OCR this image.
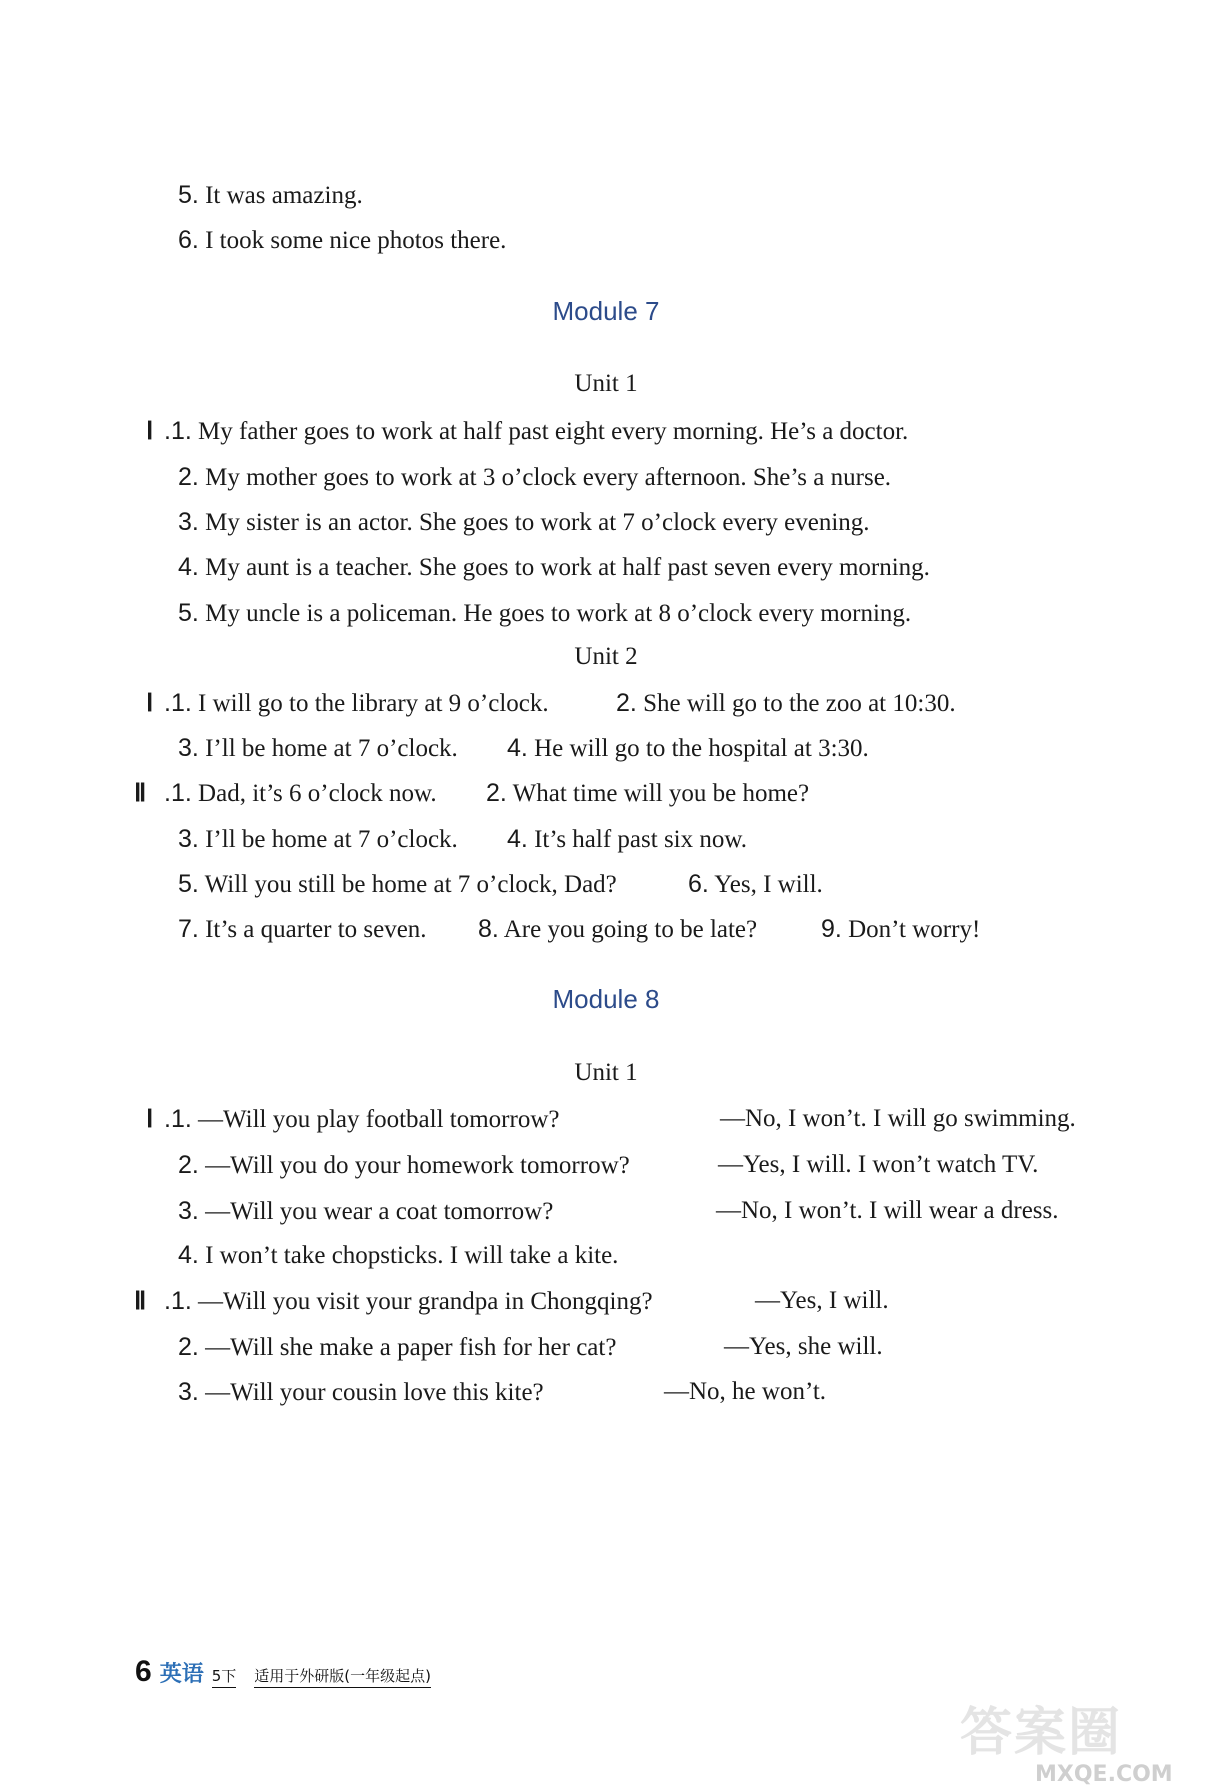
5. It was amazing.
6. I took some nice photos there.
Module 7
Unit 1
Ⅰ .1. My father goes to work at half past eight every morning. He’s a doctor.
2. My mother goes to work at 3 o’clock every afternoon. She’s a nurse.
3. My sister is an actor. She goes to work at 7 o’clock every evening.
4. My aunt is a teacher. She goes to work at half past seven every morning.
5. My uncle is a policeman. He goes to work at 8 o’clock every morning.
Unit 2
Ⅰ .1. I will go to the library at 9 o’clock.	2. She will go to the zoo at 10:30.
3. I’ll be home at 7 o’clock. 4. He will go to the hospital at 3:30.
Ⅱ .1. Dad, it’s 6 o’clock now. 2. What time will you be home?
3. I’ll be home at 7 o’clock. 4. It’s half past six now.
5. Will you still be home at 7 o’clock, Dad?	6. Yes, I will.
7. It’s a quarter to seven. 8. Are you going to be late?	9. Don’t worry!
Module 8
Unit 1
Ⅰ .1. —Will you play football tomorrow?	—No, I won’t. I will go swimming.
2. —Will you do your homework tomorrow?	—Yes, I will. I won’t watch TV.
3. —Will you wear a coat tomorrow?	—No, I won’t. I will wear a dress.
4. I won’t take chopsticks. I will take a kite.
Ⅱ .1. —Will you visit your grandpa in Chongqing?	—Yes, I will.
2. —Will she make a paper fish for her cat?	—Yes, she will.
3. —Will your cousin love this kite?	—No, he won’t.
6 英语 5下 适用于外研版(一年级起点)
答案圈
MXQE.COM
